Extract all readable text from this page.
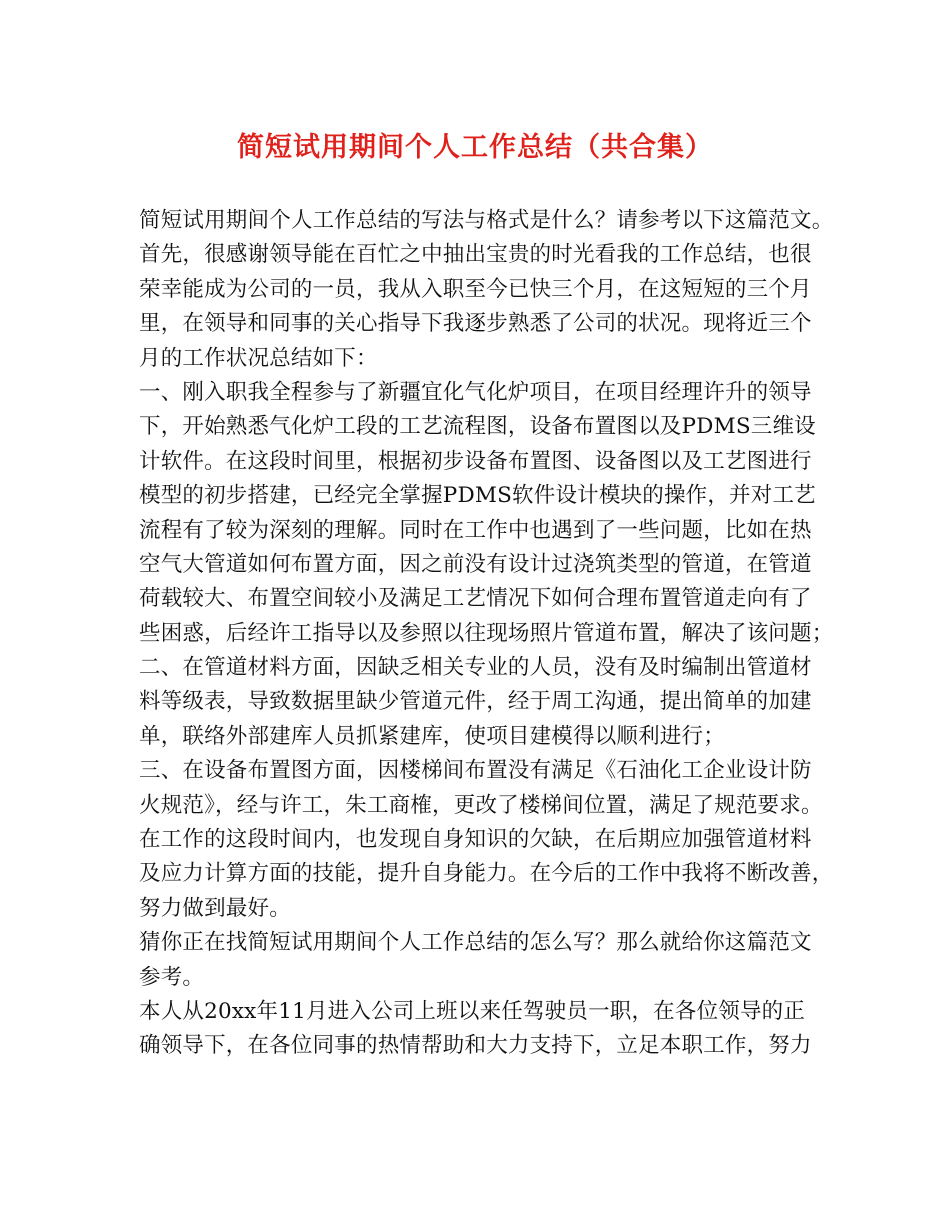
简短试用期间个人工作总结（共合集）
简短试用期间个人工作总结的写法与格式是什么？请参考以下这篇范文。
首先，很感谢领导能在百忙之中抽出宝贵的时光看我的工作总结，也很
荣幸能成为公司的一员，我从入职至今已快三个月，在这短短的三个月
里，在领导和同事的关心指导下我逐步熟悉了公司的状况。现将近三个
月的工作状况总结如下：
一、刚入职我全程参与了新疆宜化气化炉项目，在项目经理许升的领导
下，开始熟悉气化炉工段的工艺流程图，设备布置图以及PDMS三维设
计软件。在这段时间里，根据初步设备布置图、设备图以及工艺图进行
模型的初步搭建，已经完全掌握PDMS软件设计模块的操作，并对工艺
流程有了较为深刻的理解。同时在工作中也遇到了一些问题，比如在热
空气大管道如何布置方面，因之前没有设计过浇筑类型的管道，在管道
荷载较大、布置空间较小及满足工艺情况下如何合理布置管道走向有了
些困惑，后经许工指导以及参照以往现场照片管道布置，解决了该问题；
二、在管道材料方面，因缺乏相关专业的人员，没有及时编制出管道材
料等级表，导致数据里缺少管道元件，经于周工沟通，提出简单的加建
单，联络外部建库人员抓紧建库，使项目建模得以顺利进行；
三、在设备布置图方面，因楼梯间布置没有满足《石油化工企业设计防
火规范》，经与许工，朱工商榷，更改了楼梯间位置，满足了规范要求。
在工作的这段时间内，也发现自身知识的欠缺，在后期应加强管道材料
及应力计算方面的技能，提升自身能力。在今后的工作中我将不断改善，
努力做到最好。
猜你正在找简短试用期间个人工作总结的怎么写？那么就给你这篇范文
参考。
本人从20xx年11月进入公司上班以来任驾驶员一职，在各位领导的正
确领导下，在各位同事的热情帮助和大力支持下，立足本职工作，努力
